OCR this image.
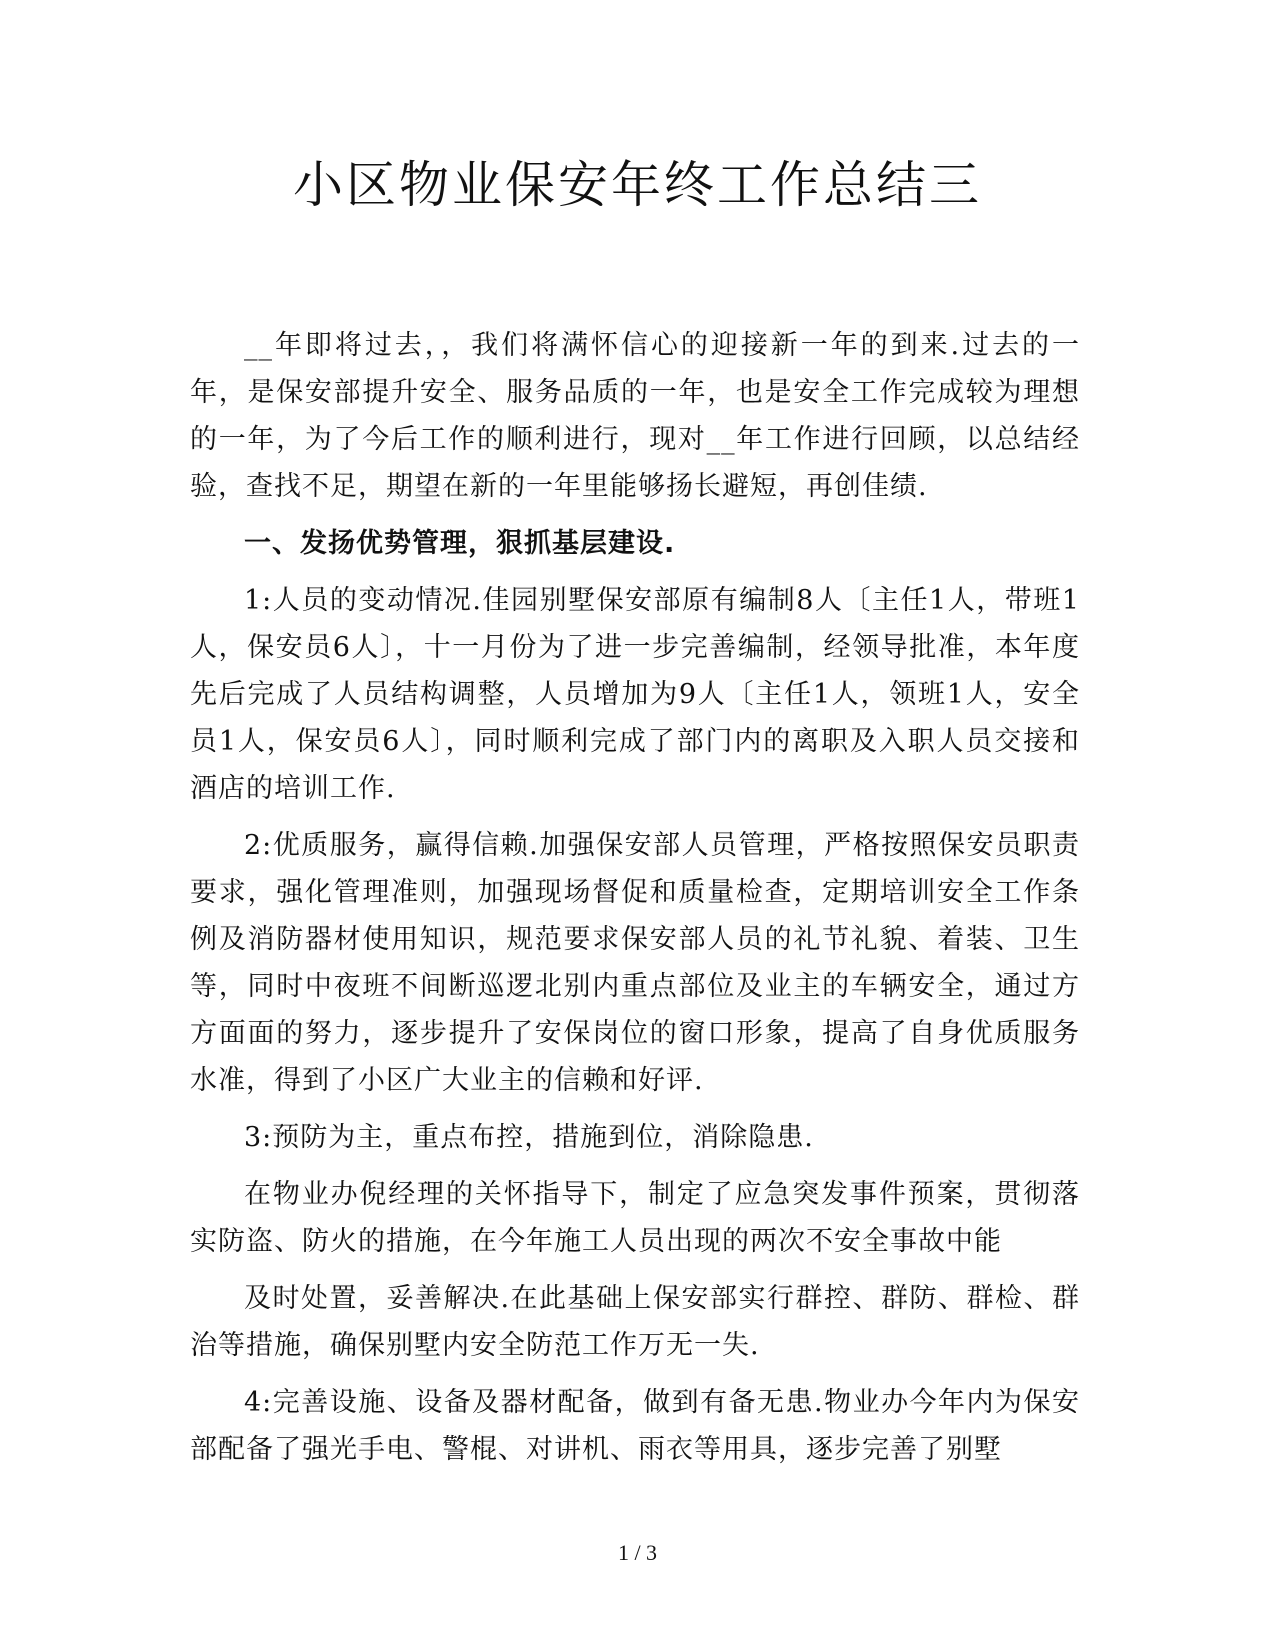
小区物业保安年终工作总结三

__年即将过去，，我们将满怀信心的迎接新一年的到来.过去的一年，是保安部提升安全、服务品质的一年，也是安全工作完成较为理想的一年，为了今后工作的顺利进行，现对__年工作进行回顾，以总结经验，查找不足，期望在新的一年里能够扬长避短，再创佳绩.

一、发扬优势管理，狠抓基层建设.

1:人员的变动情况.佳园别墅保安部原有编制8人〔主任1人，带班1人，保安员6人〕，十一月份为了进一步完善编制，经领导批准，本年度先后完成了人员结构调整，人员增加为9人〔主任1人，领班1人，安全员1人，保安员6人〕，同时顺利完成了部门内的离职及入职人员交接和酒店的培训工作.

2:优质服务，赢得信赖.加强保安部人员管理，严格按照保安员职责要求，强化管理准则，加强现场督促和质量检查，定期培训安全工作条例及消防器材使用知识，规范要求保安部人员的礼节礼貌、着装、卫生等，同时中夜班不间断巡逻北别内重点部位及业主的车辆安全，通过方方面面的努力，逐步提升了安保岗位的窗口形象，提高了自身优质服务水准，得到了小区广大业主的信赖和好评.

3:预防为主，重点布控，措施到位，消除隐患.

在物业办倪经理的关怀指导下，制定了应急突发事件预案，贯彻落实防盗、防火的措施，在今年施工人员出现的两次不安全事故中能

及时处置，妥善解决.在此基础上保安部实行群控、群防、群检、群治等措施，确保别墅内安全防范工作万无一失.

4:完善设施、设备及器材配备，做到有备无患.物业办今年内为保安部配备了强光手电、警棍、对讲机、雨衣等用具，逐步完善了别墅

1 / 3
